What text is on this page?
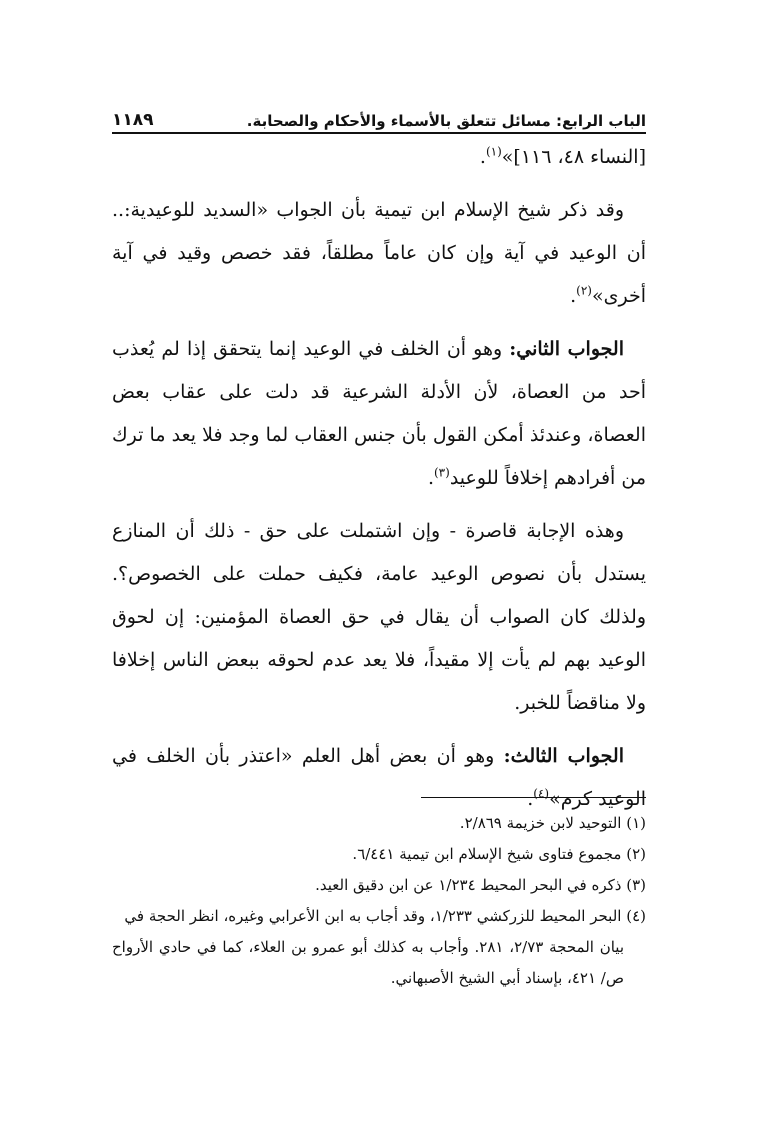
الباب الرابع: مسائل تتعلق بالأسماء والأحكام والصحابة.
١١٨٩

[النساء ٤٨، ١١٦]»$^{(١)}$.

وقد ذكر شيخ الإسلام ابن تيمية بأن الجواب «السديد للوعيدية:.. أن الوعيد في آية وإن كان عاماً مطلقاً، فقد خصص وقيد في آية أخرى»$^{(٢)}$.

الجواب الثاني: وهو أن الخلف في الوعيد إنما يتحقق إذا لم يُعذب أحد من العصاة، لأن الأدلة الشرعية قد دلت على عقاب بعض العصاة، وعندئذ أمكن القول بأن جنس العقاب لما وجد فلا يعد ما ترك من أفرادهم إخلافاً للوعيد$^{(٣)}$.

وهذه الإجابة قاصرة - وإن اشتملت على حق - ذلك أن المنازع يستدل بأن نصوص الوعيد عامة، فكيف حملت على الخصوص؟. ولذلك كان الصواب أن يقال في حق العصاة المؤمنين: إن لحوق الوعيد بهم لم يأت إلا مقيداً، فلا يعد عدم لحوقه ببعض الناس إخلافا ولا مناقضاً للخبر.

الجواب الثالث: وهو أن بعض أهل العلم «اعتذر بأن الخلف في الوعيد كرم»$^{(٤)}$.

(١) التوحيد لابن خزيمة ٢/٨٦٩.

(٢) مجموع فتاوى شيخ الإسلام ابن تيمية ٦/٤٤١.

(٣) ذكره في البحر المحيط ١/٢٣٤ عن ابن دقيق العيد.

(٤) البحر المحيط للزركشي ١/٢٣٣، وقد أجاب به ابن الأعرابي وغيره، انظر الحجة في
بيان المحجة ٢/٧٣، ٢٨١. وأجاب به كذلك أبو عمرو بن العلاء، كما في حادي الأرواح ص/ ٤٢١، بإسناد أبي الشيخ الأصبهاني.
